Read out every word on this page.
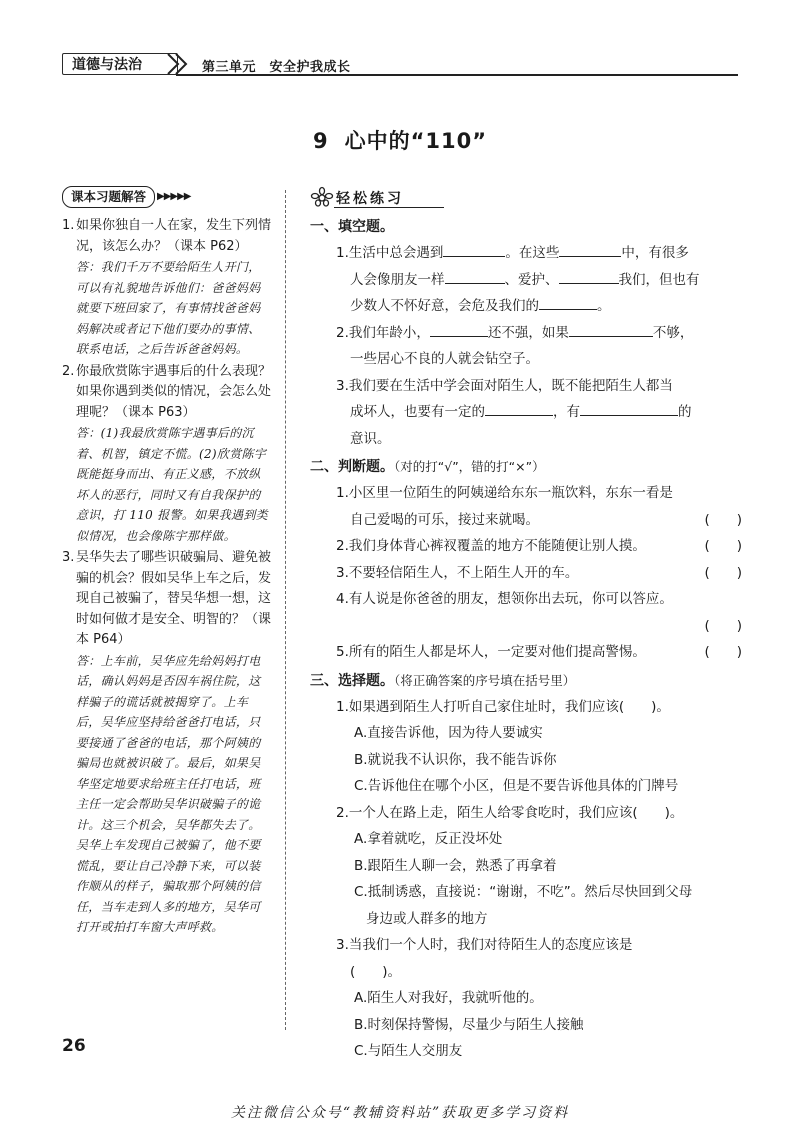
道德与法治	第三单元　安全护我成长
9 心中的“110”
课本习题解答 ▶▶▶▶▶
1. 如果你独自一人在家，发生下列情况，该怎么办？（课本 P62）
答：我们千万不要给陌生人开门，可以有礼貌地告诉他们：爸爸妈妈就要下班回家了，有事情找爸爸妈妈解决或者记下他们要办的事情、联系电话，之后告诉爸爸妈妈。
2. 你最欣赏陈宇遇事后的什么表现？如果你遇到类似的情况，会怎么处理呢？（课本 P63）
答：(1)我最欣赏陈宇遇事后的沉着、机智，镇定不慌。(2)欣赏陈宇既能挺身而出、有正义感，不放纵坏人的恶行，同时又有自我保护的意识，打 110 报警。如果我遇到类似情况，也会像陈宇那样做。
3. 吴华失去了哪些识破骗局、避免被骗的机会？假如吴华上车之后，发现自己被骗了，替吴华想一想，这时如何做才是安全、明智的？（课本 P64）
答：上车前，吴华应先给妈妈打电话，确认妈妈是否因车祸住院，这样骗子的谎话就被揭穿了。上车后，吴华应坚持给爸爸打电话，只要接通了爸爸的电话，那个阿姨的骗局也就被识破了。最后，如果吴华坚定地要求给班主任打电话，班主任一定会帮助吴华识破骗子的诡计。这三个机会，吴华都失去了。吴华上车发现自己被骗了，他不要慌乱，要让自己冷静下来，可以装作顺从的样子，骗取那个阿姨的信任，当车走到人多的地方，吴华可打开或拍打车窗大声呼救。
轻松练习
一、填空题。
1.生活中总会遇到	。在这些	中，有很多
人会像朋友一样	、爱护、	我们，但也有
少数人不怀好意，会危及我们的	。
2.我们年龄小，	还不强，如果	不够，
一些居心不良的人就会钻空子。
3.我们要在生活中学会面对陌生人，既不能把陌生人都当
成坏人，也要有一定的	，有	的
意识。
二、判断题。（对的打“√”，错的打“×”）
1.小区里一位陌生的阿姨递给东东一瓶饮料，东东一看是
自己爱喝的可乐，接过来就喝。	(　　)
2.我们身体背心裤衩覆盖的地方不能随便让别人摸。	(　　)
3.不要轻信陌生人，不上陌生人开的车。	(　　)
4.有人说是你爸爸的朋友，想领你出去玩，你可以答应。
(　　)
5.所有的陌生人都是坏人，一定要对他们提高警惕。	(　　)
三、选择题。（将正确答案的序号填在括号里）
1.如果遇到陌生人打听自己家住址时，我们应该(　　)。
A.直接告诉他，因为待人要诚实
B.就说我不认识你，我不能告诉你
C.告诉他住在哪个小区，但是不要告诉他具体的门牌号
2.一个人在路上走，陌生人给零食吃时，我们应该(　　)。
A.拿着就吃，反正没坏处
B.跟陌生人聊一会，熟悉了再拿着
C.抵制诱惑，直接说：“谢谢，不吃”。然后尽快回到父母
身边或人群多的地方
3.当我们一个人时，我们对待陌生人的态度应该是
(　　)。
A.陌生人对我好，我就听他的。
B.时刻保持警惕，尽量少与陌生人接触
C.与陌生人交朋友
26
关注微信公众号“教辅资料站”获取更多学习资料
